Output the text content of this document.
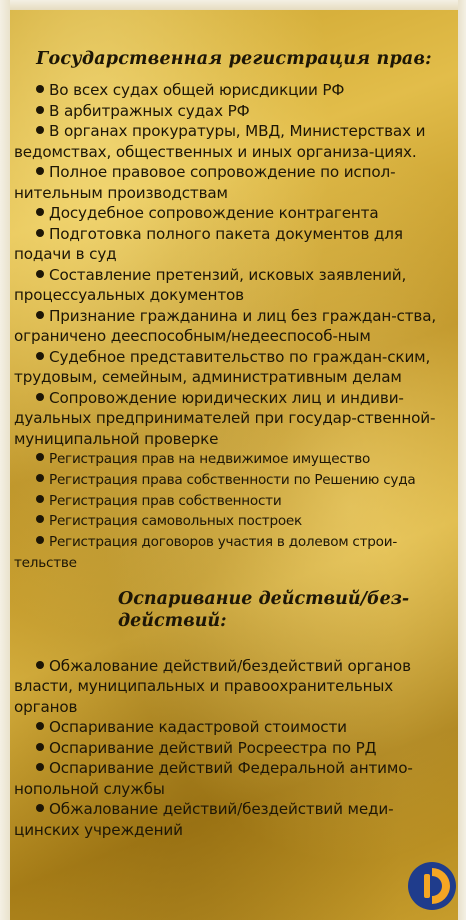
Государственная регистрация прав:
Во всех судах общей юрисдикции РФ
В арбитражных судах РФ
В органах прокуратуры, МВД, Министерствах и ведомствах, общественных и иных организа-циях.
Полное правовое сопровождение по испол-нительным производствам
Досудебное сопровождение контрагента
Подготовка полного пакета документов для подачи в суд
Составление претензий, исковых заявлений, процессуальных документов
Признание гражданина и лиц без граждан-ства, ограничено дееспособным/недееспособ-ным
Судебное представительство по граждан-ским, трудовым, семейным, административным делам
Сопровождение юридических лиц и индиви-дуальных предпринимателей при государ-ственной-муниципальной проверке
Регистрация прав на недвижимое имущество
Регистрация права собственности по Решению суда
Регистрация прав собственности
Регистрация самовольных построек
Регистрация договоров участия в долевом строи-тельстве
Оспаривание действий/без-действий:
Обжалование действий/бездействий органов власти, муниципальных и правоохранительных органов
Оспаривание кадастровой стоимости
Оспаривание действий Росреестра по РД
Оспаривание действий Федеральной антимо-нопольной службы
Обжалование действий/бездействий меди-цинских учреждений
